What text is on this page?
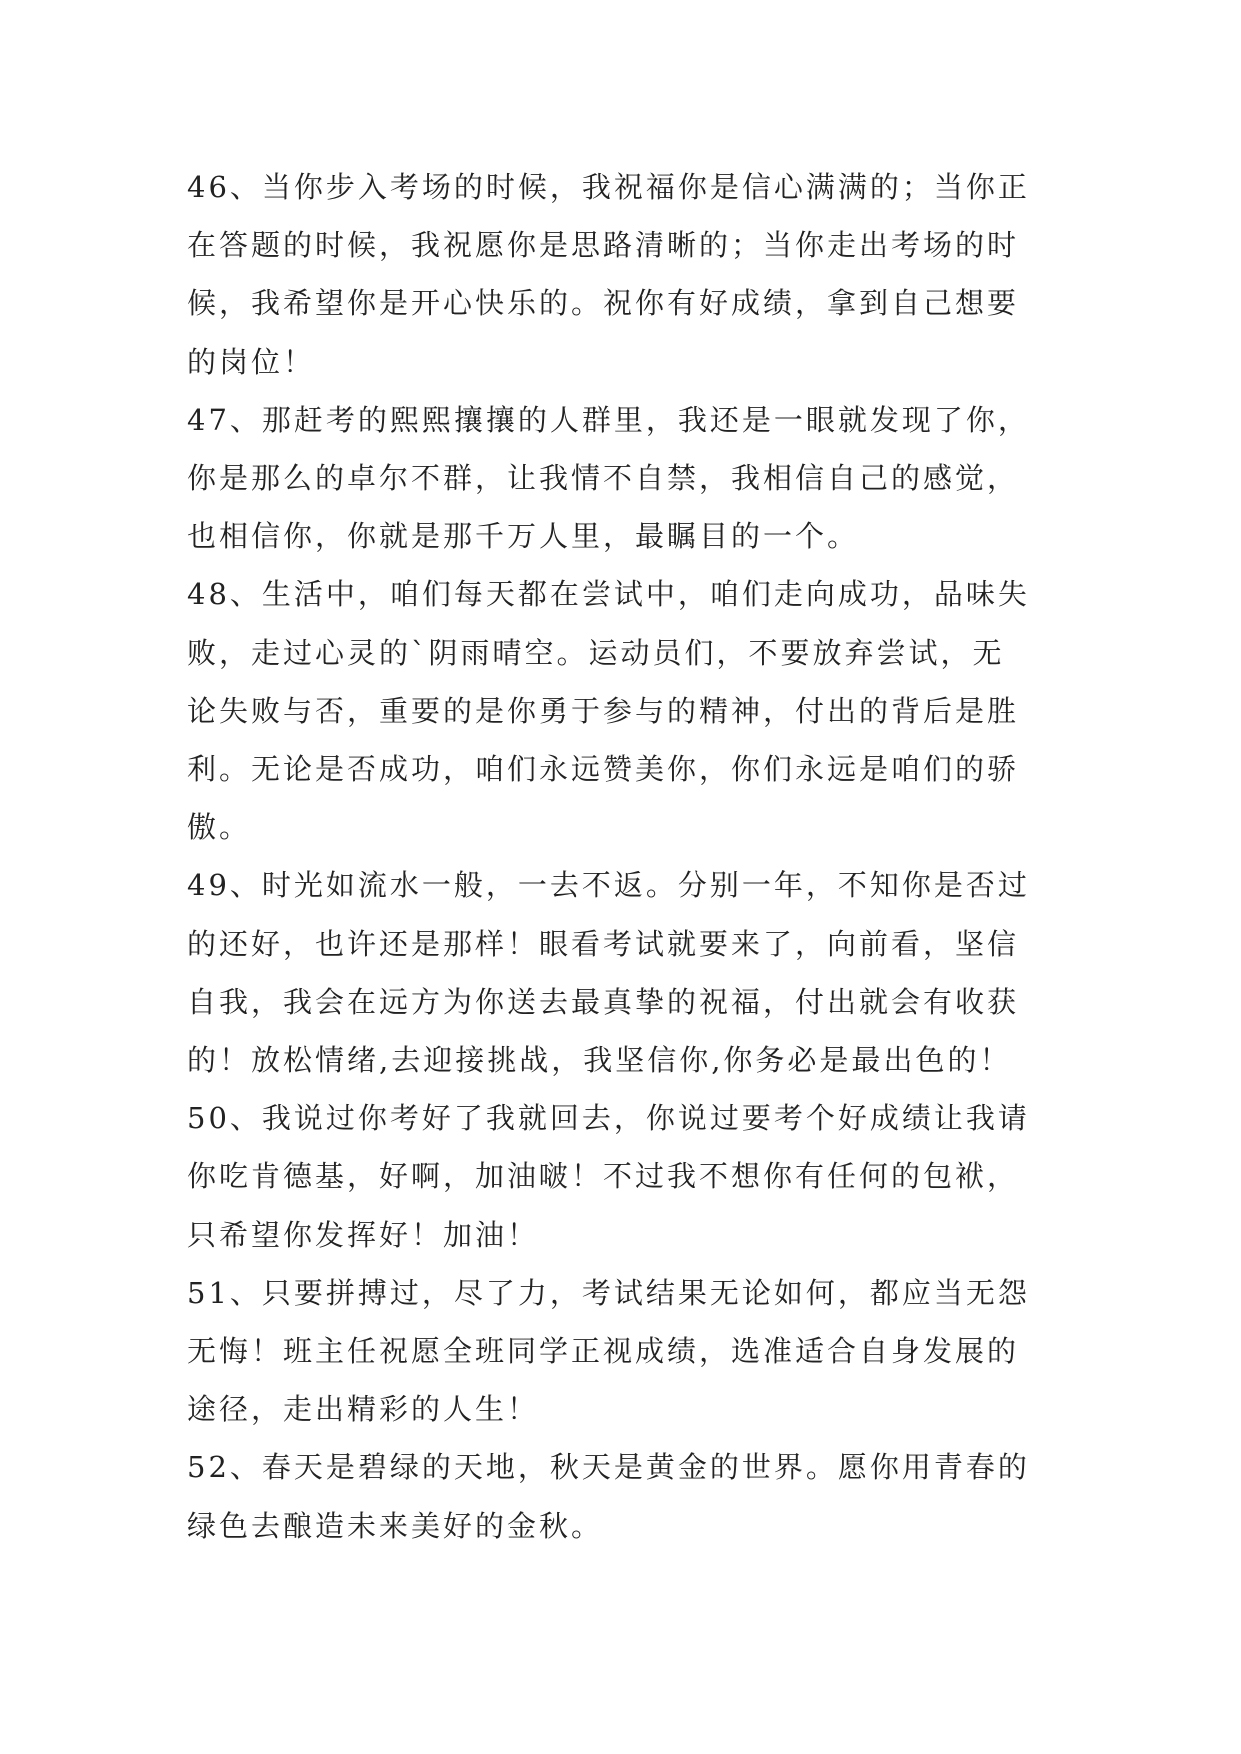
46、当你步入考场的时候，我祝福你是信心满满的；当你正
在答题的时候，我祝愿你是思路清晰的；当你走出考场的时
候，我希望你是开心快乐的。祝你有好成绩，拿到自己想要
的岗位！

47、那赶考的熙熙攘攘的人群里，我还是一眼就发现了你，
你是那么的卓尔不群，让我情不自禁，我相信自己的感觉，
也相信你，你就是那千万人里，最瞩目的一个。

48、生活中，咱们每天都在尝试中，咱们走向成功，品味失
败，走过心灵的`阴雨晴空。运动员们，不要放弃尝试，无
论失败与否，重要的是你勇于参与的精神，付出的背后是胜
利。无论是否成功，咱们永远赞美你，你们永远是咱们的骄
傲。

49、时光如流水一般，一去不返。分别一年，不知你是否过
的还好，也许还是那样！眼看考试就要来了，向前看，坚信
自我，我会在远方为你送去最真挚的祝福，付出就会有收获
的！放松情绪,去迎接挑战，我坚信你,你务必是最出色的！

50、我说过你考好了我就回去，你说过要考个好成绩让我请
你吃肯德基，好啊，加油啵！不过我不想你有任何的包袱，
只希望你发挥好！加油！

51、只要拼搏过，尽了力，考试结果无论如何，都应当无怨
无悔！班主任祝愿全班同学正视成绩，选准适合自身发展的
途径，走出精彩的人生！

52、春天是碧绿的天地，秋天是黄金的世界。愿你用青春的
绿色去酿造未来美好的金秋。
